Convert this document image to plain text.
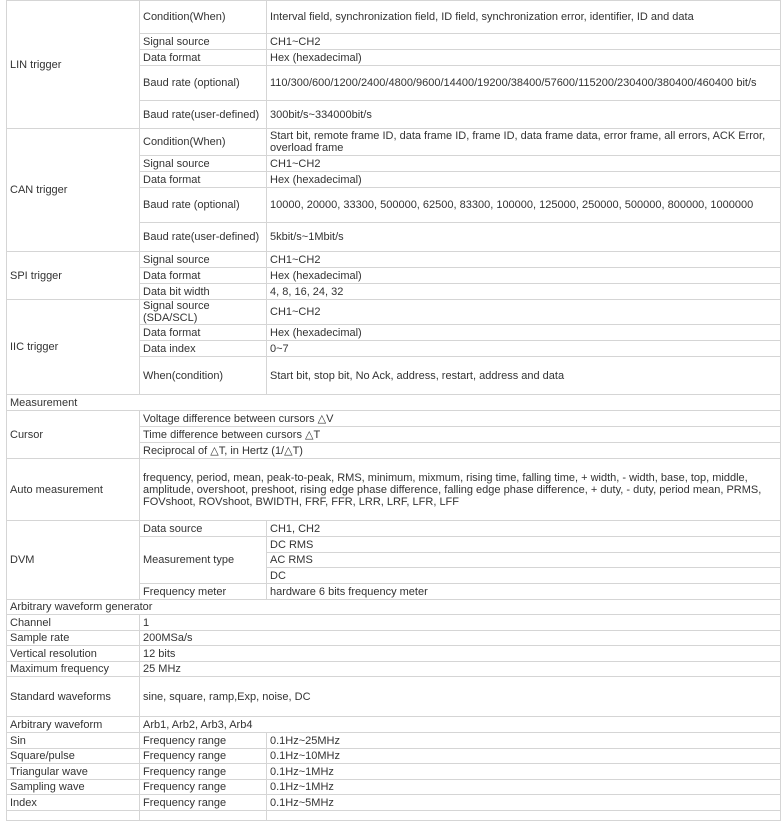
LIN trigger	Condition(When)	Interval field, synchronization field, ID field, synchronization error, identifier, ID and data
	Signal source	CH1~CH2
	Data format	Hex (hexadecimal)
	Baud rate (optional)	110/300/600/1200/2400/4800/9600/14400/19200/38400/57600/115200/230400/380400/460400 bit/s
	Baud rate(user-defined)	300bit/s~334000bit/s
CAN trigger	Condition(When)	Start bit, remote frame ID, data frame ID, frame ID, data frame data, error frame, all errors, ACK Error, overload frame
	Signal source	CH1~CH2
	Data format	Hex (hexadecimal)
	Baud rate (optional)	10000, 20000, 33300, 500000, 62500, 83300, 100000, 125000, 250000, 500000, 800000, 1000000
	Baud rate(user-defined)	5kbit/s~1Mbit/s
SPI trigger	Signal source	CH1~CH2
	Data format	Hex (hexadecimal)
	Data bit width	4, 8, 16, 24, 32
IIC trigger	Signal source (SDA/SCL)	CH1~CH2
	Data format	Hex (hexadecimal)
	Data index	0~7
	When(condition)	Start bit, stop bit, No Ack, address, restart, address and data
Measurement		
Cursor	Voltage difference between cursors △V	
	Time difference between cursors △T	
	Reciprocal of △T, in Hertz (1/△T)	
Auto measurement	frequency, period, mean, peak-to-peak, RMS, minimum, mixmum, rising time, falling time, + width, - width, base, top, middle, amplitude, overshoot, preshoot, rising edge phase difference, falling edge phase difference, + duty, - duty, period mean, PRMS, FOVshoot, ROVshoot, BWIDTH, FRF, FFR, LRR, LRF, LFR, LFF	
DVM	Data source	CH1, CH2
	Measurement type	DC RMS
		AC RMS
		DC
	Frequency meter	hardware 6 bits frequency meter
Arbitrary waveform generator		
Channel	1	
Sample rate	200MSa/s	
Vertical resolution	12 bits	
Maximum frequency	25 MHz	
Standard waveforms	sine, square, ramp,Exp, noise, DC	
Arbitrary waveform	Arb1, Arb2, Arb3, Arb4	
Sin	Frequency range	0.1Hz~25MHz
Square/pulse	Frequency range	0.1Hz~10MHz
Triangular wave	Frequency range	0.1Hz~1MHz
Sampling wave	Frequency range	0.1Hz~1MHz
Index	Frequency range	0.1Hz~5MHz
